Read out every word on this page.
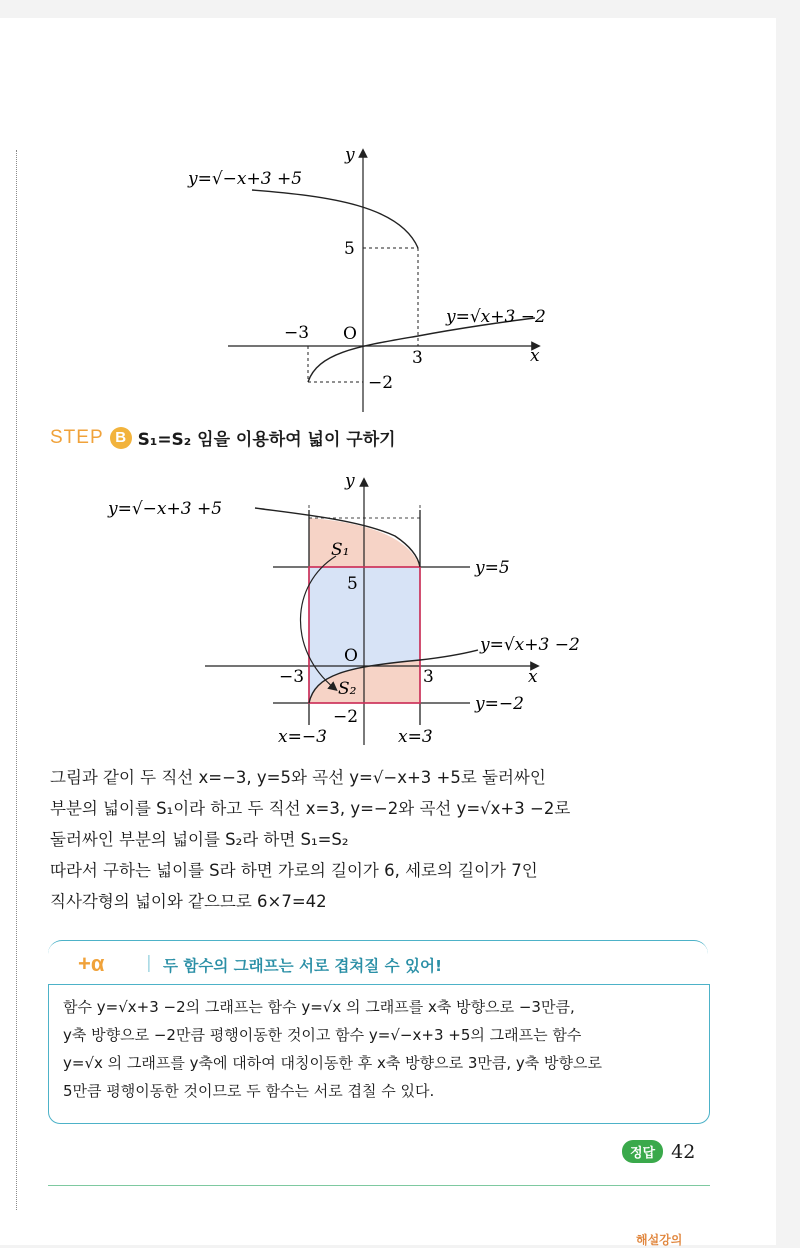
y=√−x+3 +5
y=√x+3 −2
y
x
5
−3 O
3
−2
STEP B S₁=S₂ 임을 이용하여 넓이 구하기
y=√−x+3 +5
y=√x+3 −2
y=5
y=−2
x=−3	x=3
S₁
S₂
y
x
5
O
−3	3
−2

그림과 같이 두 직선 x=−3, y=5와 곡선 y=√−x+3 +5로 둘러싸인

부분의 넓이를 S₁이라 하고 두 직선 x=3, y=−2와 곡선 y=√x+3 −2로

둘러싸인 부분의 넓이를 S₂라 하면 S₁=S₂

따라서 구하는 넓이를 S라 하면 가로의 길이가 6, 세로의 길이가 7인

직사각형의 넓이와 같으므로 6×7=42

+α | 두 함수의 그래프는 서로 겹쳐질 수 있어!

함수 y=√x+3 −2의 그래프는 함수 y=√x 의 그래프를 x축 방향으로 −3만큼,

y축 방향으로 −2만큼 평행이동한 것이고 함수 y=√−x+3 +5의 그래프는 함수

y=√x 의 그래프를 y축에 대하여 대칭이동한 후 x축 방향으로 3만큼, y축 방향으로

5만큼 평행이동한 것이므로 두 함수는 서로 겹칠 수 있다.

정답 42
해설강의
